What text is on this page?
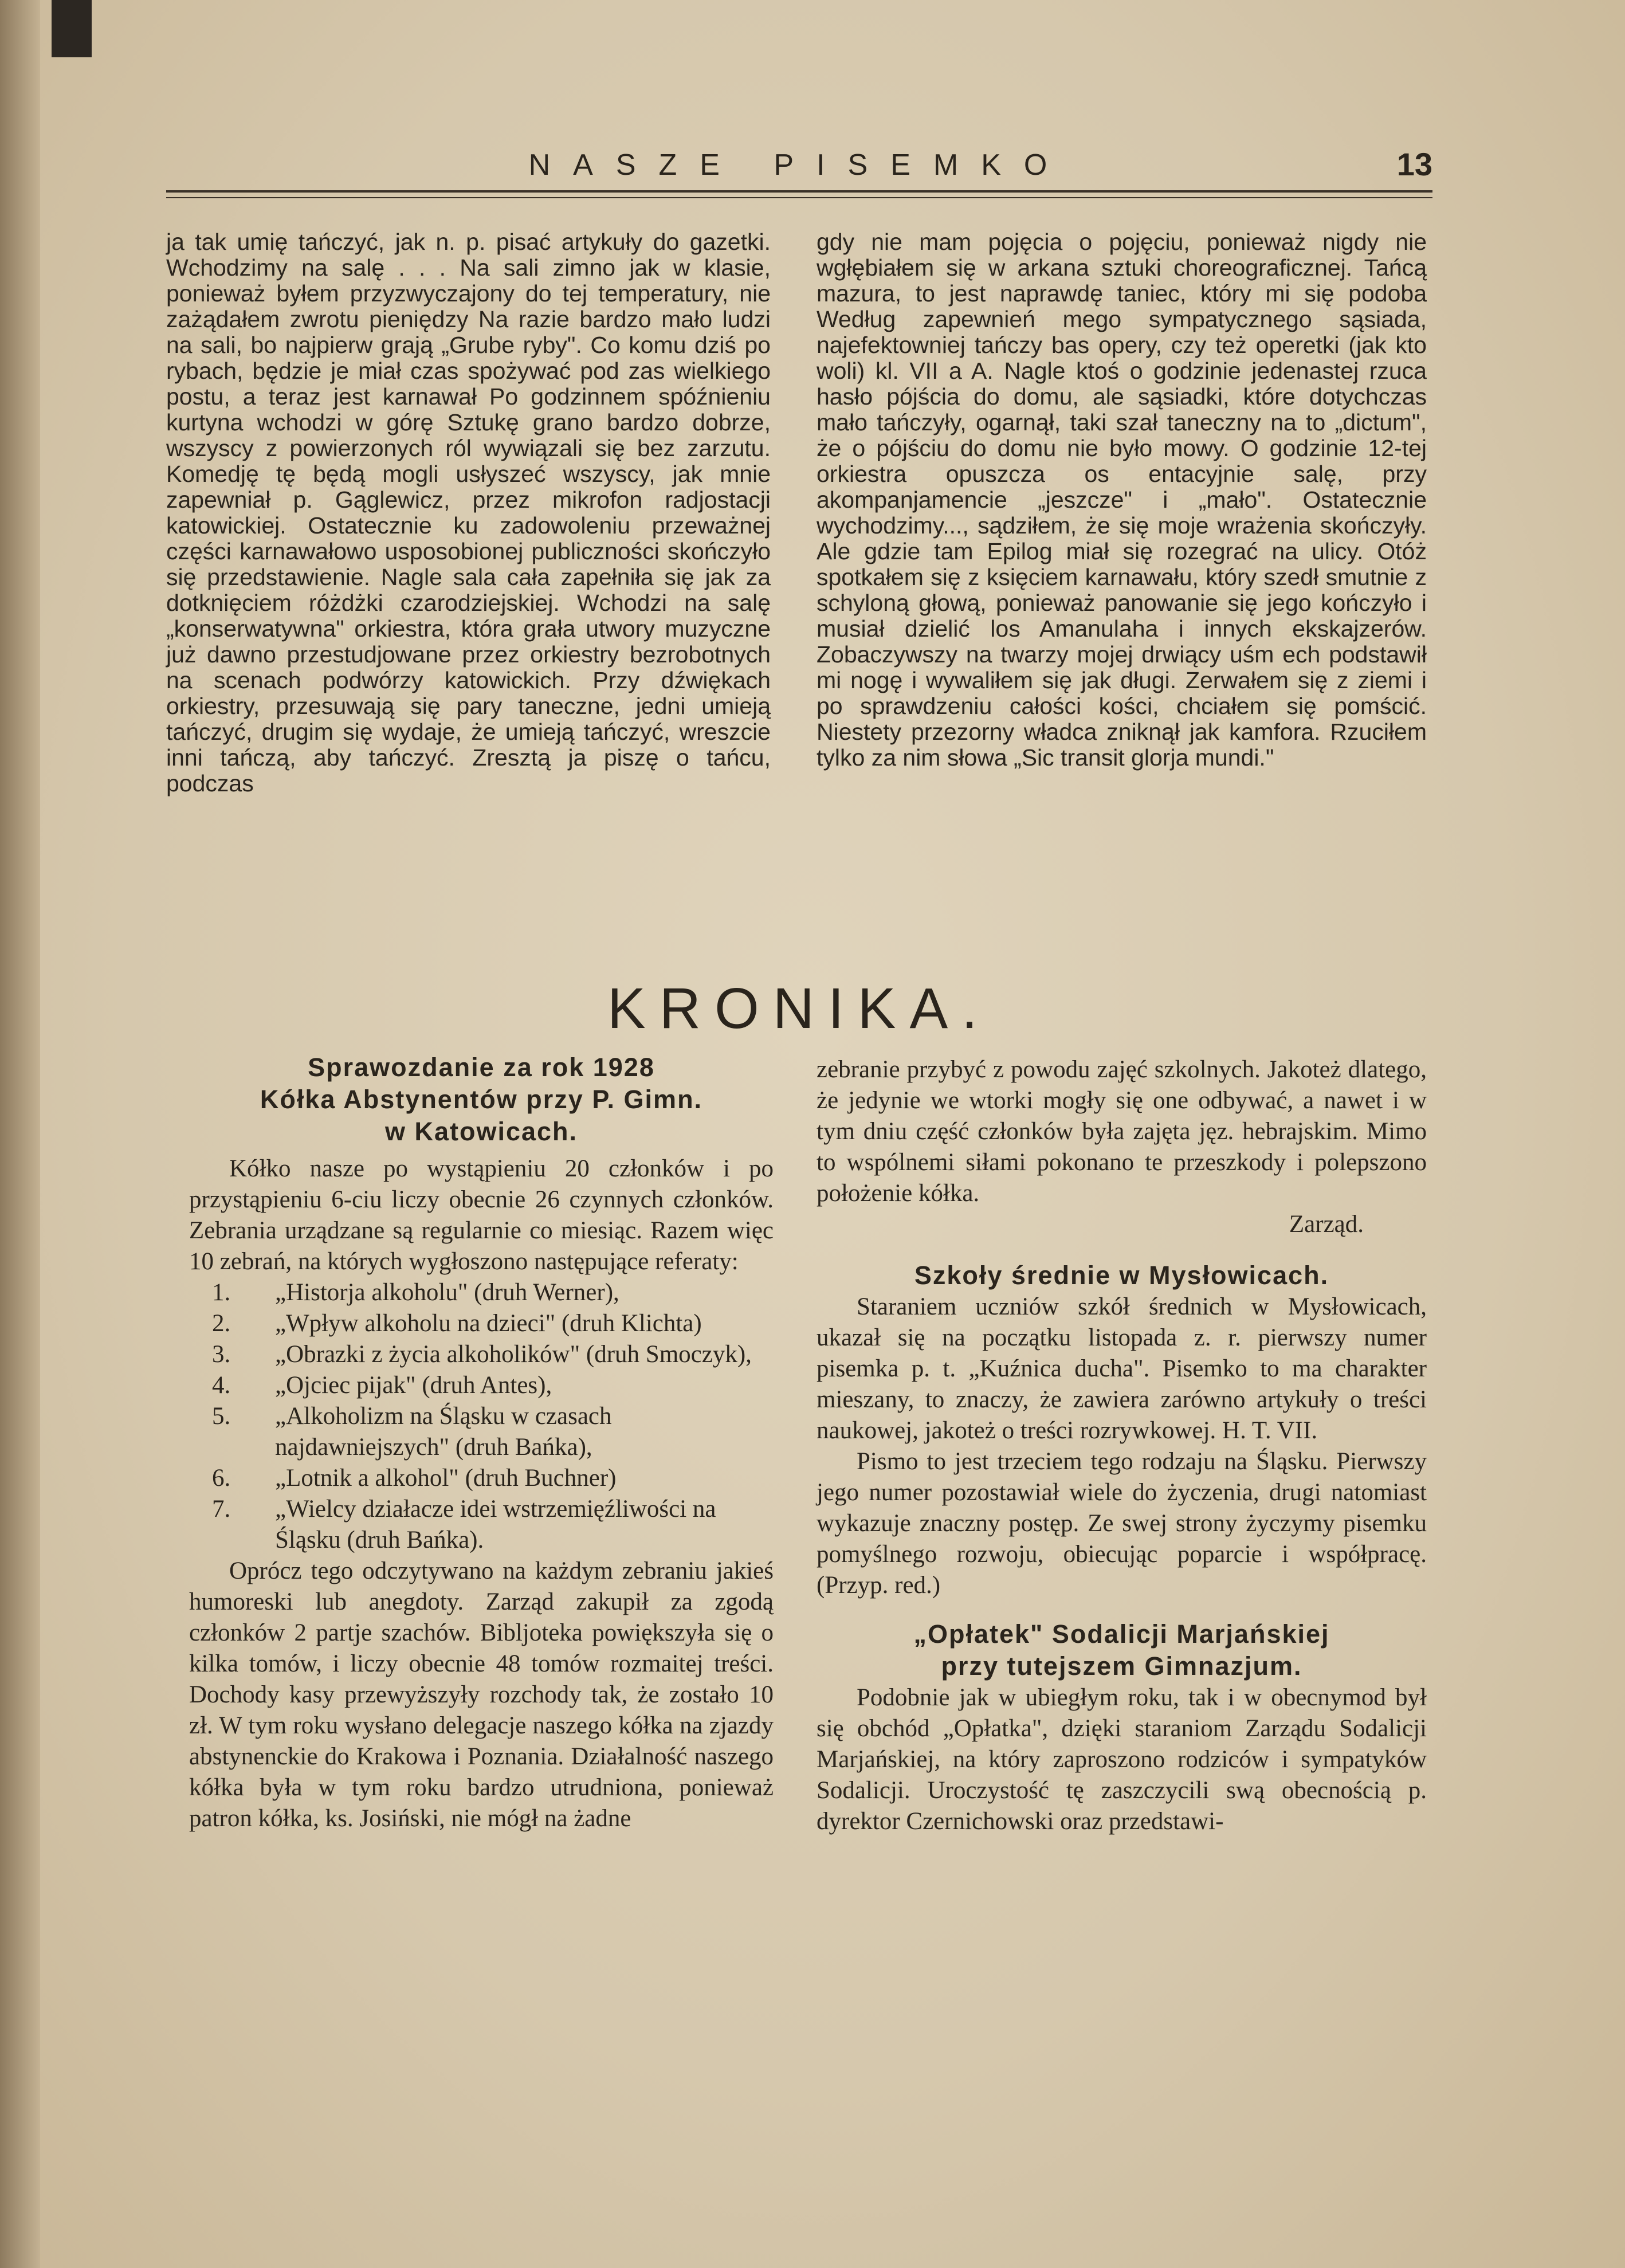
NASZE PISEMKO	13

ja tak umię tańczyć, jak n. p. pisać artykuły do gazetki. Wchodzimy na salę . . . Na sali zimno jak w klasie, ponieważ byłem przyzwyczajony do tej temperatury, nie zażądałem zwrotu pieniędzy Na razie bardzo mało ludzi na sali, bo najpierw grają „Grube ryby". Co komu dziś po rybach, będzie je miał czas spożywać pod zas wielkiego postu, a teraz jest karnawał Po godzinnem spóźnieniu kurtyna wchodzi w górę Sztukę grano bardzo dobrze, wszyscy z powierzonych ról wywiązali się bez zarzutu. Komedję tę będą mogli usłyszeć wszyscy, jak mnie zapewniał p. Gąglewicz, przez mikrofon radjostacji katowickiej. Ostatecznie ku zadowoleniu przeważnej części karnawałowo usposobionej publiczności skończyło się przedstawienie. Nagle sala cała zapełniła się jak za dotknięciem różdżki czarodziejskiej. Wchodzi na salę „konserwatywna" orkiestra, która grała utwory muzyczne już dawno przestudjowane przez orkiestry bezrobotnych na scenach podwórzy katowickich. Przy dźwiękach orkiestry, przesuwają się pary taneczne, jedni umieją tańczyć, drugim się wydaje, że umieją tańczyć, wreszcie inni tańczą, aby tańczyć. Zresztą ja piszę o tańcu, podczas

gdy nie mam pojęcia o pojęciu, ponieważ nigdy nie wgłębiałem się w arkana sztuki choreograficznej. Tańcą mazura, to jest naprawdę taniec, który mi się podoba Według zapewnień mego sympatycznego sąsiada, najefektowniej tańczy bas opery, czy też operetki (jak kto woli) kl. VII a A. Nagle ktoś o godzinie jedenastej rzuca hasło pójścia do domu, ale sąsiadki, które dotychczas mało tańczyły, ogarnął, taki szał taneczny na to „dictum", że o pójściu do domu nie było mowy. O godzinie 12-tej orkiestra opuszcza os entacyjnie salę, przy akompanjamencie „jeszcze" i „mało". Ostatecznie wychodzimy..., sądziłem, że się moje wrażenia skończyły. Ale gdzie tam Epilog miał się rozegrać na ulicy. Otóż spotkałem się z księciem karnawału, który szedł smutnie z schyloną głową, ponieważ panowanie się jego kończyło i musiał dzielić los Amanulaha i innych ekskajzerów. Zobaczywszy na twarzy mojej drwiący uśm ech podstawił mi nogę i wywaliłem się jak długi. Zerwałem się z ziemi i po sprawdzeniu całości kości, chciałem się pomścić. Niestety przezorny władca zniknął jak kamfora. Rzuciłem tylko za nim słowa „Sic transit glorja mundi."

KRONIKA.

Sprawozdanie za rok 1928

Kółka Abstynentów przy P. Gimn.

w Katowicach.

Kółko nasze po wystąpieniu 20 członków i po przystąpieniu 6-ciu liczy obecnie 26 czynnych członków. Zebrania urządzane są regularnie co miesiąc. Razem więc 10 zebrań, na których wygłoszono następujące referaty:

1. „Historja alkoholu" (druh Werner),
2. „Wpływ alkoholu na dzieci" (druh Klichta)
3. „Obrazki z życia alkoholików" (druh Smoczyk),
4. „Ojciec pijak" (druh Antes),
5. „Alkoholizm na Śląsku w czasach najdawniejszych" (druh Bańka),
6. „Lotnik a alkohol" (druh Buchner)
7. „Wielcy działacze idei wstrzemięźliwości na Śląsku (druh Bańka).

Oprócz tego odczytywano na każdym zebraniu jakieś humoreski lub anegdoty. Zarząd zakupił za zgodą członków 2 partje szachów. Bibljoteka powiększyła się o kilka tomów, i liczy obecnie 48 tomów rozmaitej treści. Dochody kasy przewyższyły rozchody tak, że zostało 10 zł. W tym roku wysłano delegacje naszego kółka na zjazdy abstynenckie do Krakowa i Poznania. Działalność naszego kółka była w tym roku bardzo utrudniona, ponieważ patron kółka, ks. Josiński, nie mógł na żadne

zebranie przybyć z powodu zajęć szkolnych. Jakoteż dlatego, że jedynie we wtorki mogły się one odbywać, a nawet i w tym dniu część członków była zajęta jęz. hebrajskim. Mimo to wspólnemi siłami pokonano te przeszkody i polepszono położenie kółka.

Zarząd.

Szkoły średnie w Mysłowicach.

Staraniem uczniów szkół średnich w Mysłowicach, ukazał się na początku listopada z. r. pierwszy numer pisemka p. t. „Kuźnica ducha". Pisemko to ma charakter mieszany, to znaczy, że zawiera zarówno artykuły o treści naukowej, jakoteż o treści rozrywkowej. H. T. VII.

Pismo to jest trzeciem tego rodzaju na Śląsku. Pierwszy jego numer pozostawiał wiele do życzenia, drugi natomiast wykazuje znaczny postęp. Ze swej strony życzymy pisemku pomyślnego rozwoju, obiecując poparcie i współpracę. (Przyp. red.)

„Opłatek" Sodalicji Marjańskiej

przy tutejszem Gimnazjum.

Podobnie jak w ubiegłym roku, tak i w obecnymod był się obchód „Opłatka", dzięki staraniom Zarządu Sodalicji Marjańskiej, na który zaproszono rodziców i sympatyków Sodalicji. Uroczystość tę zaszczycili swą obecnością p. dyrektor Czernichowski oraz przedstawi-
